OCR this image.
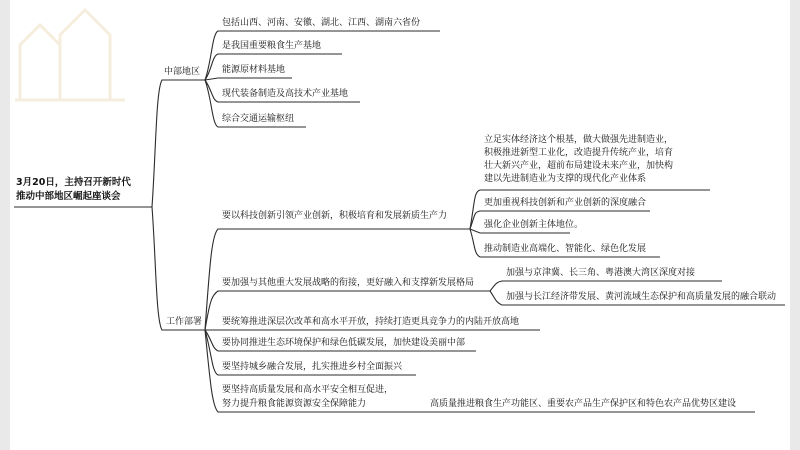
3月20日，主持召开新时代
推动中部地区崛起座谈会
中部地区
包括山西、河南、安徽、湖北、江西、湖南六省份
是我国重要粮食生产基地
能源原材料基地
现代装备制造及高技术产业基地
综合交通运输枢纽
工作部署
要以科技创新引领产业创新，积极培育和发展新质生产力
立足实体经济这个根基，做大做强先进制造业，
积极推进新型工业化，改造提升传统产业，培育
壮大新兴产业，超前布局建设未来产业，加快构
建以先进制造业为支撑的现代化产业体系
更加重视科技创新和产业创新的深度融合
强化企业创新主体地位。
推动制造业高端化、智能化、绿色化发展
要加强与其他重大发展战略的衔接，更好融入和支撑新发展格局
加强与京津冀、长三角、粤港澳大湾区深度对接
加强与长江经济带发展、黄河流域生态保护和高质量发展的融合联动
要统筹推进深层次改革和高水平开放，持续打造更具竞争力的内陆开放高地
要协同推进生态环境保护和绿色低碳发展，加快建设美丽中部
要坚持城乡融合发展，扎实推进乡村全面振兴
要坚持高质量发展和高水平安全相互促进，
努力提升粮食能源资源安全保障能力	高质量推进粮食生产功能区、重要农产品生产保护区和特色农产品优势区建设
